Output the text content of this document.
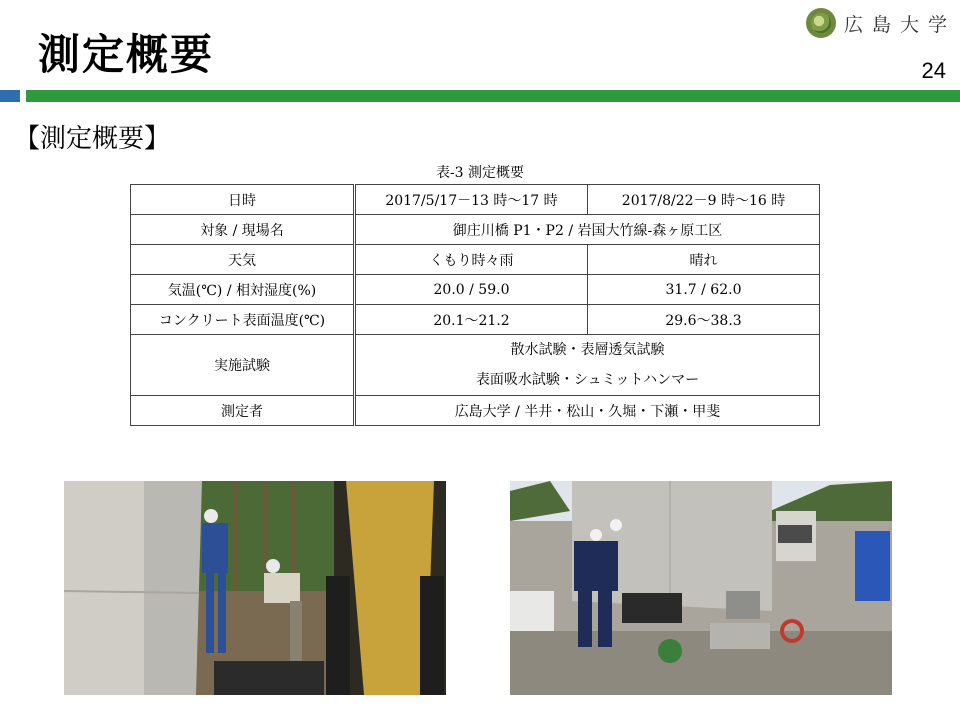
測定概要
広島大学
24
【測定概要】
表-3 測定概要
日時	2017/5/17－13 時～17 時	2017/8/22－9 時～16 時
対象 / 現場名	御庄川橋 P1・P2 / 岩国大竹線-森ヶ原工区	
天気	くもり時々雨	晴れ
気温(℃) / 相対湿度(%)	20.0 / 59.0	31.7 / 62.0
コンクリート表面温度(℃)	20.1～21.2	29.6～38.3
実施試験	散水試験・表層透気試験
表面吸水試験・シュミットハンマー	

測定者	広島大学 / 半井・松山・久堀・下瀬・甲斐	
